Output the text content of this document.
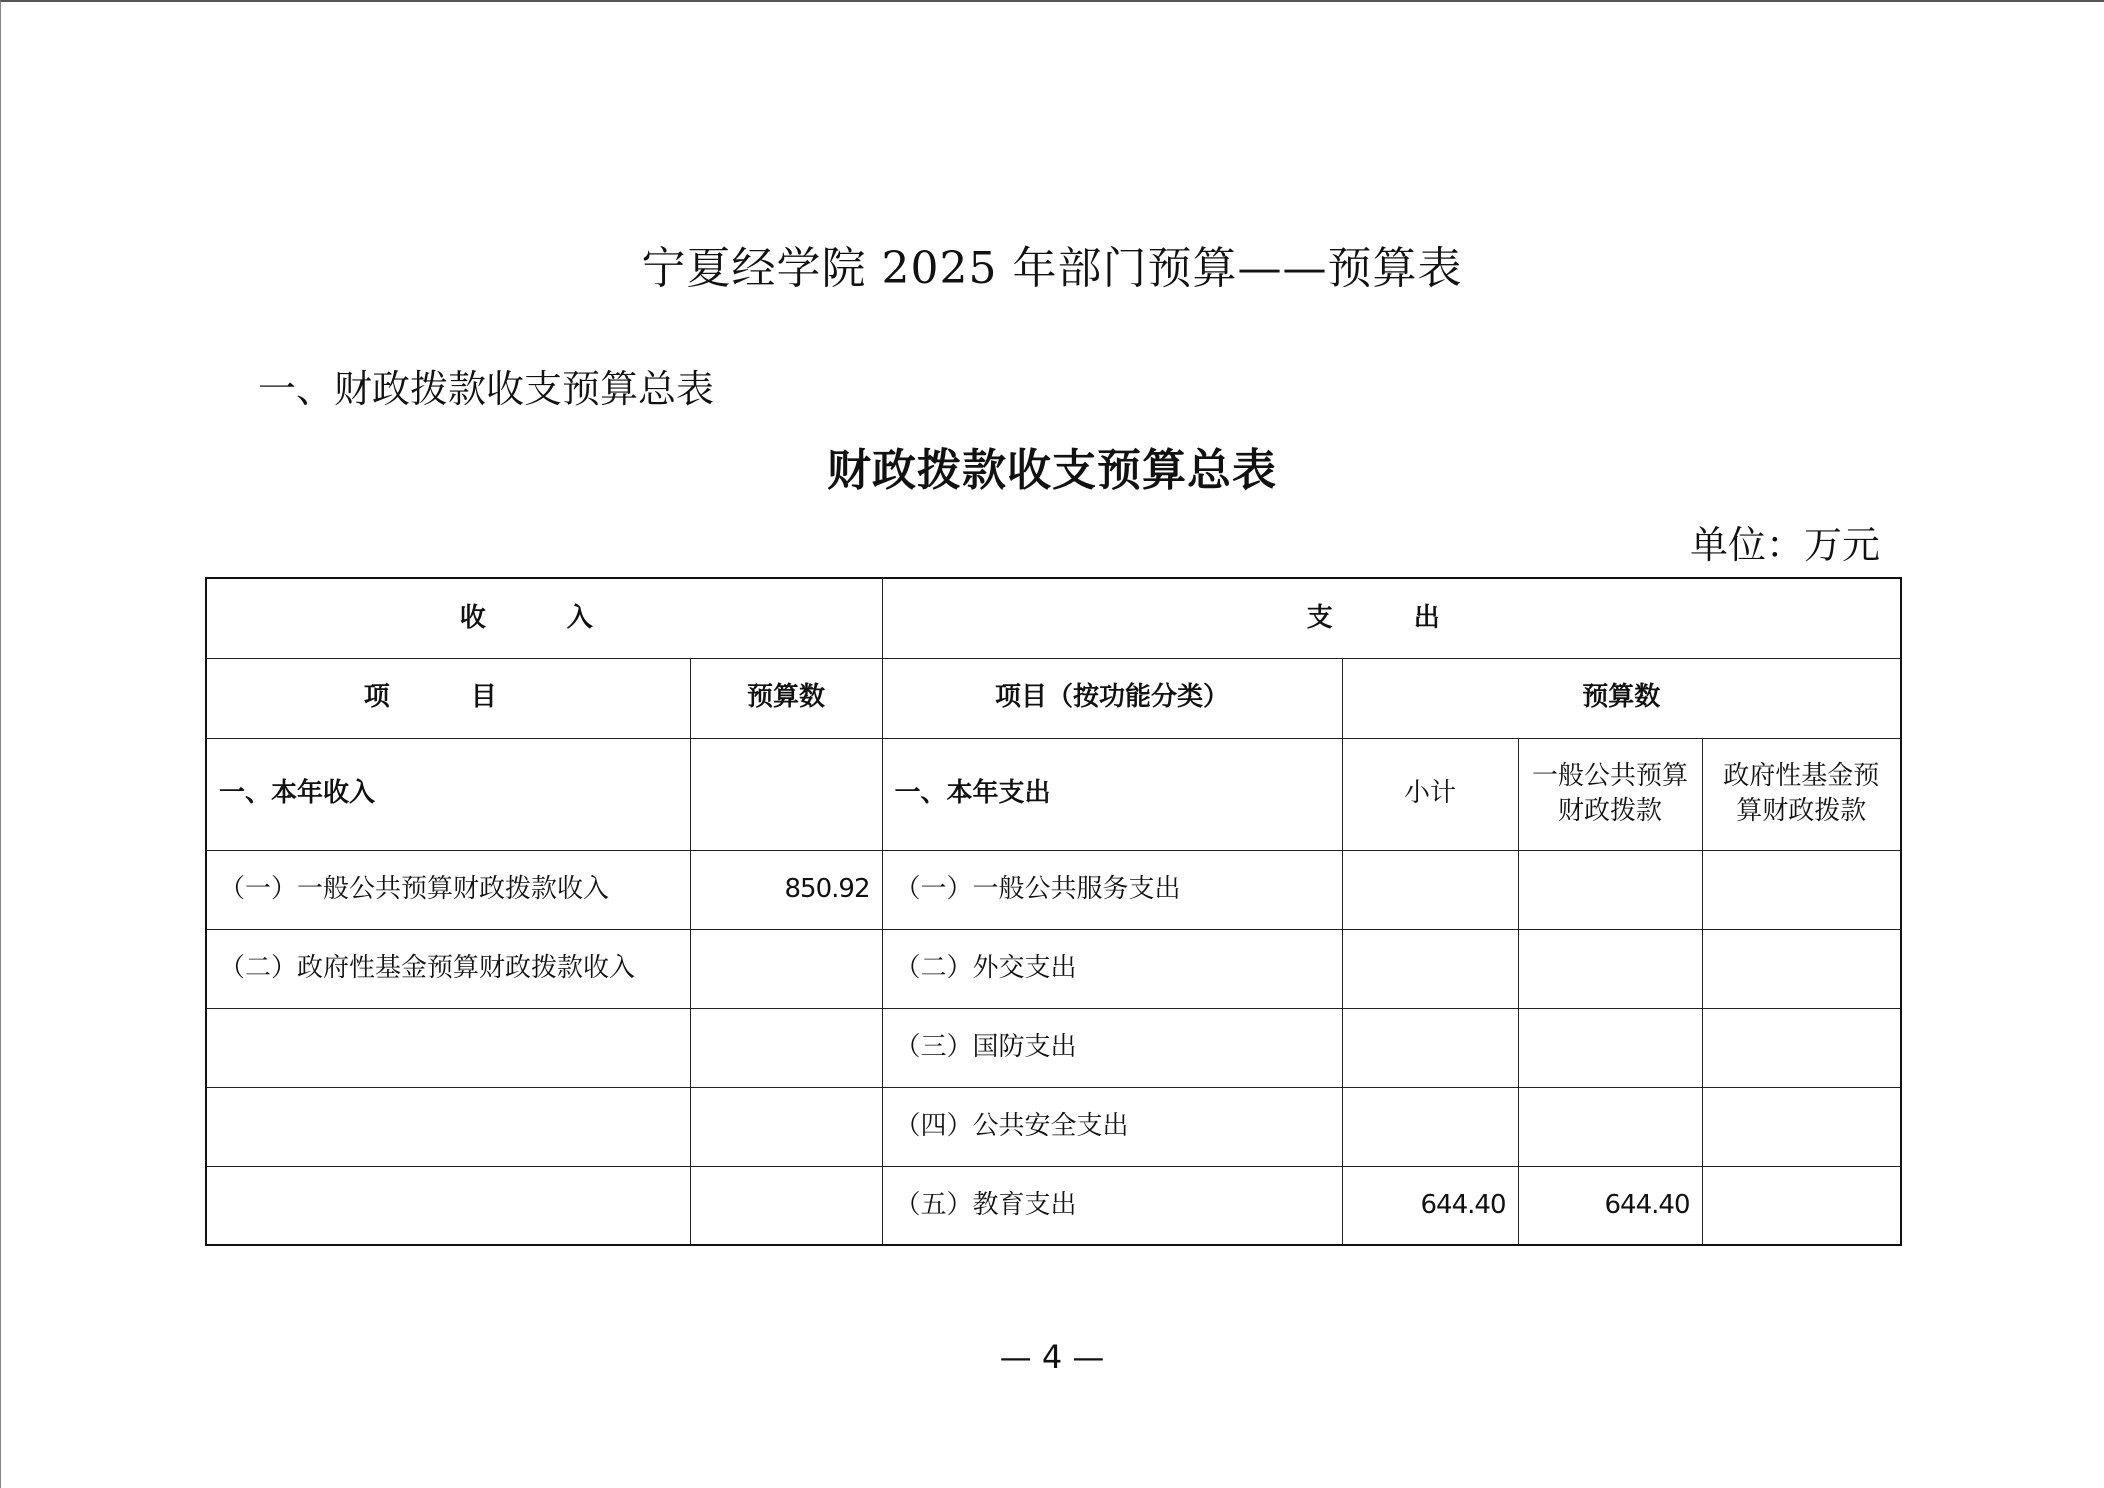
宁夏经学院 2025 年部门预算——预算表
一、财政拨款收支预算总表
财政拨款收支预算总表
单位：万元
收 入		支 出			
项 目	预算数	项目（按功能分类）	预算数		
一、本年收入		一、本年支出	小计	一般公共预算财政拨款	政府性基金预算财政拨款
（一）一般公共预算财政拨款收入	850.92	（一）一般公共服务支出			
（二）政府性基金预算财政拨款收入		（二）外交支出			
		（三）国防支出			
		（四）公共安全支出			
		（五）教育支出	644.40	644.40	
— 4 —
